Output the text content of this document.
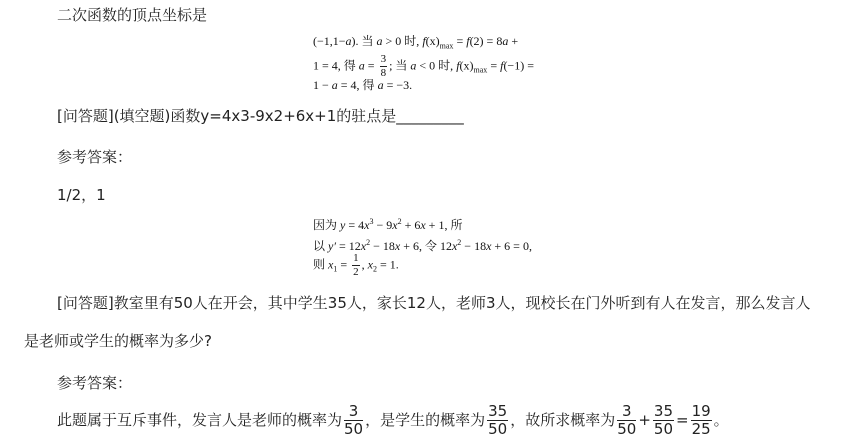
二次函数的顶点坐标是
(−1,1−a). 当 a > 0 时, $f(x)_{max} = f(2) = 8a$ +
1 = 4, 得 $a = \frac{3}{8}$ ; 当 a < 0 时, $f(x)_{max} = f(-1)$ =
1 − a = 4, 得 a = −3.
[问答题](填空题)函数y=4x3-9x2+6x+1的驻点是_________
参考答案：
1/2，1
因为 $y = 4x^3 - 9x^2 + 6x + 1$, 所
以 $y' = 12x^2 - 18x + 6$, 令 $12x^2 - 18x + 6 = 0$,
则 $x_1 = \frac{1}{2}$ , $x_2 = 1$.
[问答题]教室里有50人在开会，其中学生35人，家长12人，老师3人，现校长在门外听到有人在发言，那么发言人
是老师或学生的概率为多少?
参考答案：
此题属于互斥事件，发言人是老师的概率为 $\frac{3}{50}$ ，是学生的概率为 $\frac{35}{50}$ ，故所求概率为 $\frac{3}{50} + \frac{35}{50} = \frac{19}{25}$ 。
